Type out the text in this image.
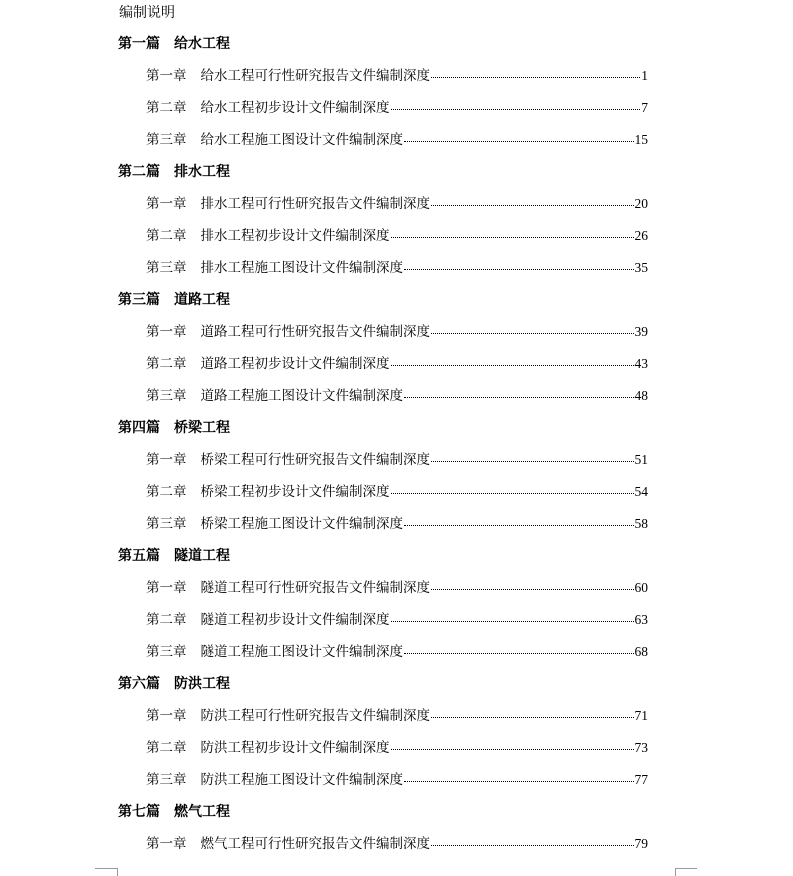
编制说明
第一篇 给水工程
第一章 给水工程可行性研究报告文件编制深度	1
第二章 给水工程初步设计文件编制深度	7
第三章 给水工程施工图设计文件编制深度	15
第二篇 排水工程
第一章 排水工程可行性研究报告文件编制深度	20
第二章 排水工程初步设计文件编制深度	26
第三章 排水工程施工图设计文件编制深度	35
第三篇 道路工程
第一章 道路工程可行性研究报告文件编制深度	39
第二章 道路工程初步设计文件编制深度	43
第三章 道路工程施工图设计文件编制深度	48
第四篇 桥梁工程
第一章 桥梁工程可行性研究报告文件编制深度	51
第二章 桥梁工程初步设计文件编制深度	54
第三章 桥梁工程施工图设计文件编制深度	58
第五篇 隧道工程
第一章 隧道工程可行性研究报告文件编制深度	60
第二章 隧道工程初步设计文件编制深度	63
第三章 隧道工程施工图设计文件编制深度	68
第六篇 防洪工程
第一章 防洪工程可行性研究报告文件编制深度	71
第二章 防洪工程初步设计文件编制深度	73
第三章 防洪工程施工图设计文件编制深度	77
第七篇 燃气工程
第一章 燃气工程可行性研究报告文件编制深度	79
